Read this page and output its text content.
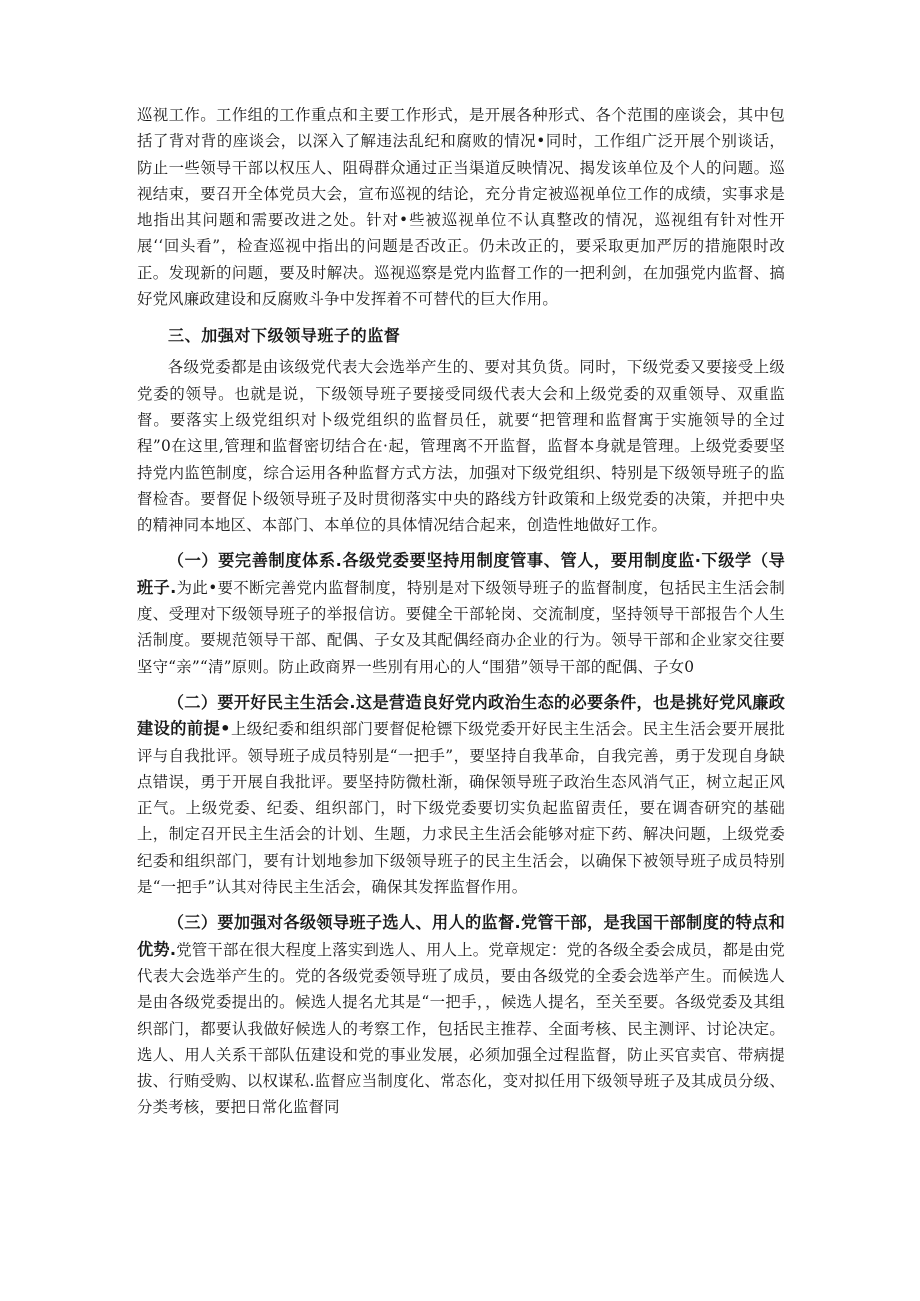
巡视工作。工作组的工作重点和主要工作形式，是开展各种形式、各个范围的座谈会，其中包括了背对背的座谈会，以深入了解违法乱纪和腐败的情况•同时，工作组广泛开展个别谈话，防止一些领导干部以权压人、阻碍群众通过正当渠道反映情况、揭发该单位及个人的问题。巡视结束，要召开全体党员大会，宣布巡视的结论，充分肯定被巡视单位工作的成绩，实事求是地指出其问题和需要改进之处。针对•些被巡视单位不认真整改的情况，巡视组有针对性开展‘‘回头看”，检查巡视中指出的问题是否改正。仍未改正的，要采取更加严厉的措施限时改正。发现新的问题，要及时解决。巡视巡察是党内监督工作的一把利剑，在加强党内监督、搞好党风廉政建设和反腐败斗争中发挥着不可替代的巨大作用。

三、加强对下级领导班子的监督

各级党委都是由该级党代表大会选举产生的、要对其负货。同时，下级党委又要接受上级党委的领导。也就是说，下级领导班子要接受同级代表大会和上级党委的双重领导、双重监督。要落实上级党组织对卜级党组织的监督员任，就要“把管理和监督寓于实施领导的全过程”0在这里,管理和监督密切结合在·起，管理离不开监督，监督本身就是管理。上级党委要坚持党内监笆制度，综合运用各种监督方式方法，加强对下级党组织、特别是下级领导班子的监督检杳。要督促卜级领导班子及时贯彻落实中央的路线方针政策和上级党委的决策，并把中央的精神同本地区、本部门、本单位的具体情况结合起来，创造性地做好工作。

（一）要完善制度体系.各级党委要坚持用制度管事、管人，要用制度监·下级学（导班子.为此•要不断完善党内监督制度，特别是对下级领导班子的监督制度，包括民主生活会制度、受理对下级领导班子的举报信访。要健全干部轮岗、交流制度，坚持领导干部报告个人生活制度。要规范领导干部、配偶、子女及其配偶经商办企业的行为。领导干部和企业家交往要坚守“亲”“清”原则。防止政商界一些別有用心的人“围猎”领导干部的配偶、子女0

（二）要开好民主生活会.这是营造良好党内政治生态的必要条件，也是挑好党风廉政建设的前提•上级纪委和组织部门要督促枪镖下级党委开好民主生活会。民主生活会要开展批评与自我批评。领导班子成员特别是“一把手”，要坚持自我革命，自我完善，勇于发现自身缺点错误，勇于开展自我批评。要坚持防微杜渐，确保领导班子政治生态风消气正，树立起正风正气。上级党委、纪委、组织部门，时下级党委要切实负起监留责任，要在调杳研究的基础上，制定召开民主生活会的计划、生题，力求民主生活会能够对症下药、解决问题，上级党委纪委和组织部门，要有计划地参加下级领导班子的民主生活会，以确保下被领导班子成员特别是“一把手”认其对待民主生活会，确保其发挥监督作用。

（三）要加强对各级领导班子选人、用人的监督.党管干部，是我国干部制度的特点和优势.党管干部在很大程度上落实到选人、用人上。党章规定：党的各级全委会成员，都是由党代表大会选举产生的。党的各级党委领导班了成员，要由各级党的全委会选举产生。而候选人是由各级党委提出的。候选人提名尤其是“一把手，，候选人提名，至关至要。各级党委及其组织部门，都要认我做好候选人的考察工作，包括民主推荐、全面考核、民主测评、讨论决定。选人、用人关系干部队伍建设和党的事业发展，必须加强全过程监督，防止买官卖官、带病提拔、行贿受购、以权谋私.监督应当制度化、常态化，变对拟任用下级领导班子及其成员分级、分类考核，要把日常化监督同
